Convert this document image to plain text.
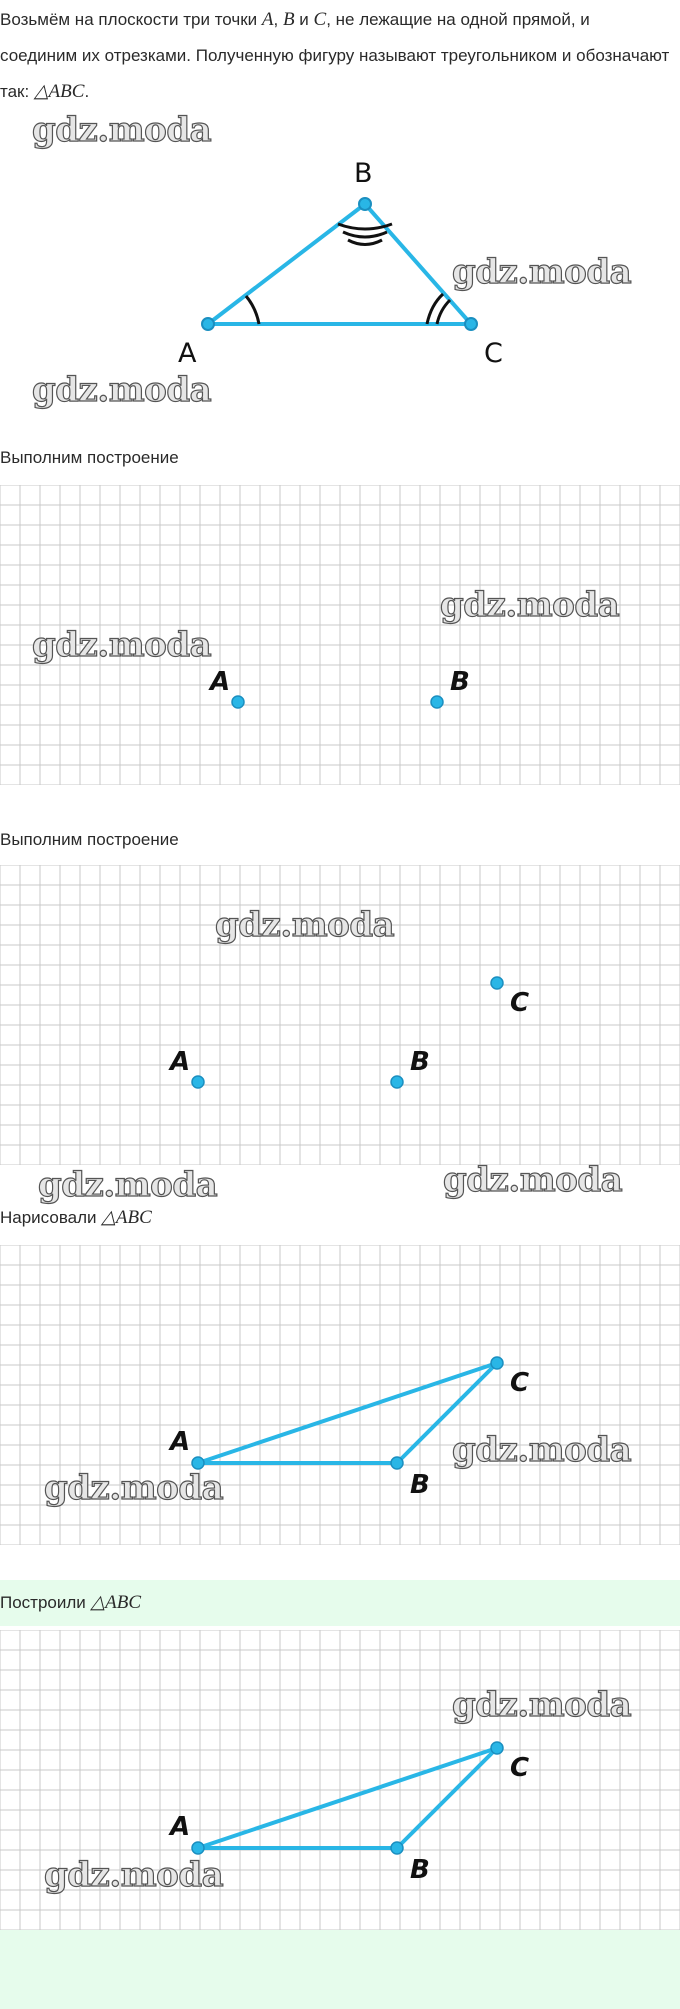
Возьмём на плоскости три точки A, B и C, не лежащие на одной прямой, и соединим их отрезками. Полученную фигуру называют треугольником и обозначают так: △ABC.
A
B
C
Выполним построение
A	B
Выполним построение
A	B
C
Нарисовали △ABC
A
B
C
Построили △ABC
A
B
C
gdz.moda
gdz.moda
gdz.moda
gdz.moda
gdz.moda
gdz.moda
gdz.moda	gdz.moda
gdz.moda
gdz.moda
gdz.moda
gdz.moda
